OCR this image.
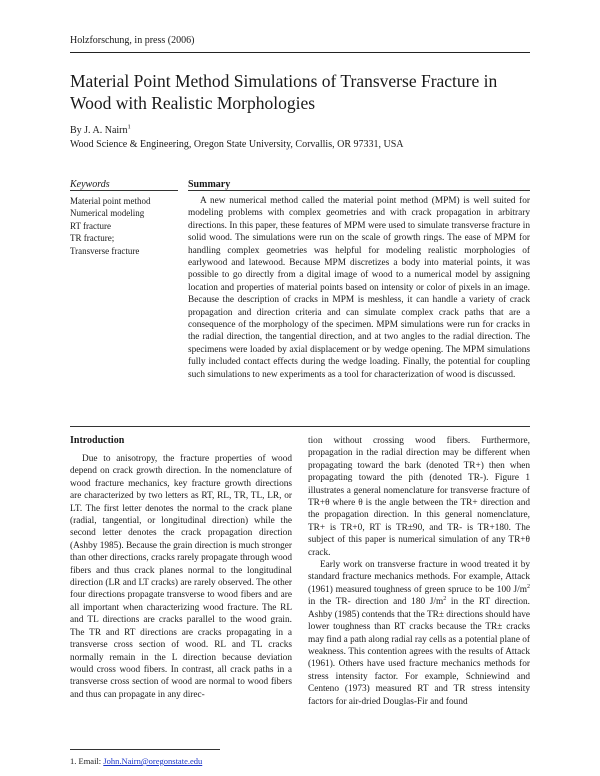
Holzforschung, in press (2006)
Material Point Method Simulations of Transverse Fracture in Wood with Realistic Morphologies
By J. A. Nairn$^1$
Wood Science & Engineering, Oregon State University, Corvallis, OR 97331, USA
Keywords
Material point method
Numerical modeling
RT fracture
TR fracture;
Transverse fracture
Summary

A new numerical method called the material point method (MPM) is well suited for modeling problems with complex geometries and with crack propagation in arbitrary directions. In this paper, these features of MPM were used to simulate transverse fracture in solid wood. The simulations were run on the scale of growth rings. The ease of MPM for handling complex geometries was helpful for modeling realistic morphologies of earlywood and latewood. Because MPM discretizes a body into material points, it was possible to go directly from a digital image of wood to a numerical model by assigning location and properties of material points based on intensity or color of pixels in an image. Because the description of cracks in MPM is meshless, it can handle a variety of crack propagation and direction criteria and can simulate complex crack paths that are a consequence of the morphology of the specimen. MPM simulations were run for cracks in the radial direction, the tangential direction, and at two angles to the radial direction. The specimens were loaded by axial displacement or by wedge opening. The MPM simulations fully included contact effects during the wedge loading. Finally, the potential for coupling such simulations to new experiments as a tool for characterization of wood is discussed.

Introduction

Due to anisotropy, the fracture properties of wood depend on crack growth direction. In the nomenclature of wood fracture mechanics, key fracture growth directions are characterized by two letters as RT, RL, TR, TL, LR, or LT. The first letter denotes the normal to the crack plane (radial, tangential, or longitudinal direction) while the second letter denotes the crack propagation direction (Ashby 1985). Because the grain direction is much stronger than other directions, cracks rarely propagate through wood fibers and thus crack planes normal to the longitudinal direction (LR and LT cracks) are rarely observed. The other four directions propagate transverse to wood fibers and are all important when characterizing wood fracture. The RL and TL directions are cracks parallel to the wood grain. The TR and RT directions are cracks propagating in a transverse cross section of wood. RL and TL cracks normally remain in the L direction because deviation would cross wood fibers. In contrast, all crack paths in a transverse cross section of wood are normal to wood fibers and thus can propagate in any direc-

tion without crossing wood fibers. Furthermore, propagation in the radial direction may be different when propagating toward the bark (denoted TR+) then when propagating toward the pith (denoted TR-). Figure 1 illustrates a general nomenclature for transverse fracture of TR+θ where θ is the angle between the TR+ direction and the propagation direction. In this general nomenclature, TR+ is TR+0, RT is TR±90, and TR- is TR+180. The subject of this paper is numerical simulation of any TR+θ crack.

Early work on transverse fracture in wood treated it by standard fracture mechanics methods. For example, Attack (1961) measured toughness of green spruce to be 100 $J/m^2$ in the TR- direction and 180 $J/m^2$ in the RT direction. Ashby (1985) contends that the TR± directions should have lower toughness than RT cracks because the TR± cracks may find a path along radial ray cells as a potential plane of weakness. This contention agrees with the results of Attack (1961). Others have used fracture mechanics methods for stress intensity factor. For example, Schniewind and Centeno (1973) measured RT and TR stress intensity factors for air-dried Douglas-Fir and found

1. Email: John.Nairn@oregonstate.edu
